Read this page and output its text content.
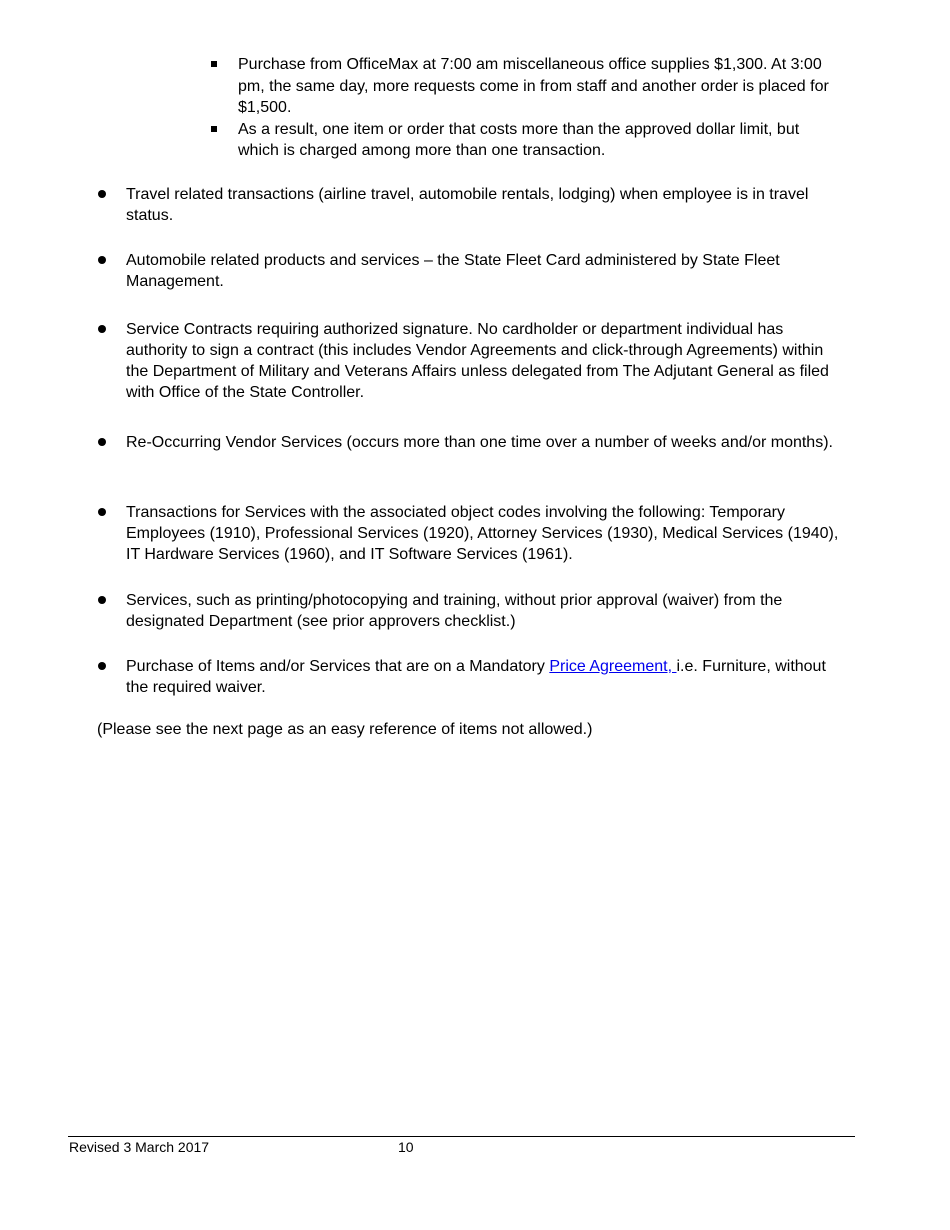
Purchase from OfficeMax at 7:00 am miscellaneous office supplies $1,300. At 3:00 pm, the same day, more requests come in from staff and another order is placed for $1,500.
As a result, one item or order that costs more than the approved dollar limit, but which is charged among more than one transaction.
Travel related transactions (airline travel, automobile rentals, lodging) when employee is in travel status.
Automobile related products and services – the State Fleet Card administered by State Fleet Management.
Service Contracts requiring authorized signature. No cardholder or department individual has authority to sign a contract (this includes Vendor Agreements and click-through Agreements) within the Department of Military and Veterans Affairs unless delegated from The Adjutant General as filed with Office of the State Controller.
Re-Occurring Vendor Services (occurs more than one time over a number of weeks and/or months).
Transactions for Services with the associated object codes involving the following: Temporary Employees (1910), Professional Services (1920), Attorney Services (1930), Medical Services (1940), IT Hardware Services (1960), and IT Software Services (1961).
Services, such as printing/photocopying and training, without prior approval (waiver) from the designated Department (see prior approvers checklist.)
Purchase of Items and/or Services that are on a Mandatory Price Agreement, i.e. Furniture, without the required waiver.
(Please see the next page as an easy reference of items not allowed.)
Revised 3 March 2017	10
